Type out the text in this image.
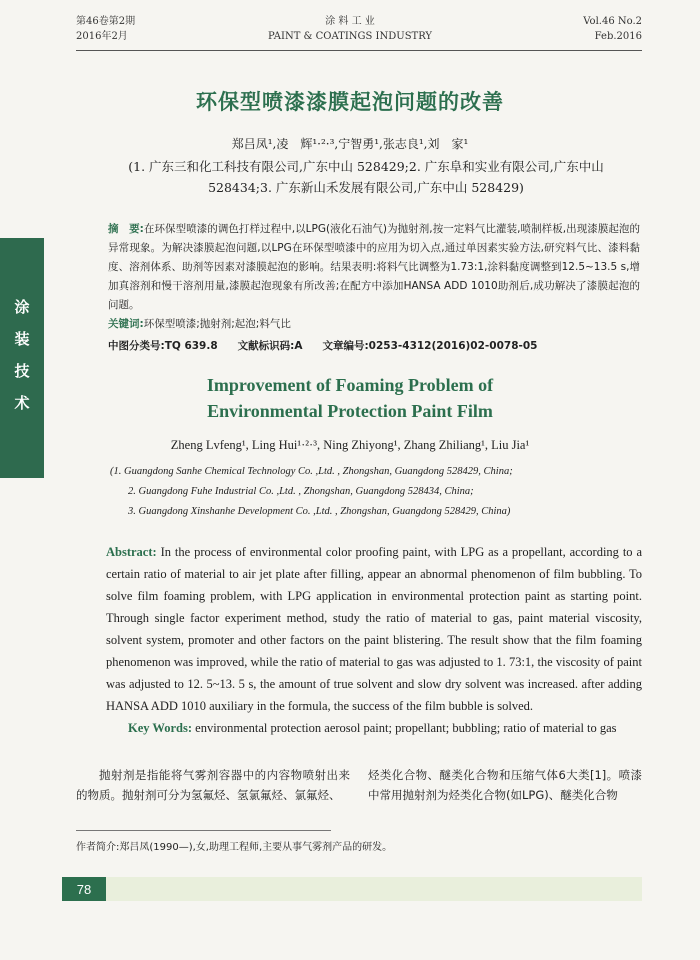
第46卷第2期
2016年2月
涂 料 工 业
PAINT & COATINGS INDUSTRY
Vol.46 No.2
Feb.2016
涂
装
技
术
环保型喷漆漆膜起泡问题的改善
郑吕凤¹,凌　辉¹·²·³,宁智勇¹,张志良¹,刘　家¹
(1. 广东三和化工科技有限公司,广东中山 528429;2. 广东阜和实业有限公司,广东中山 528434;3. 广东新山禾发展有限公司,广东中山 528429)
摘　要:在环保型喷漆的调色打样过程中,以LPG(液化石油气)为抛射剂,按一定料气比灌装,喷制样板,出现漆膜起泡的异常现象。为解决漆膜起泡问题,以LPG在环保型喷漆中的应用为切入点,通过单因素实验方法,研究料气比、漆料黏度、溶剂体系、助剂等因素对漆膜起泡的影响。结果表明:将料气比调整为1.73:1,涂料黏度调整到12.5~13.5 s,增加真溶剂和慢干溶剂用量,漆膜起泡现象有所改善;在配方中添加HANSA ADD 1010助剂后,成功解决了漆膜起泡的问题。
关键词:环保型喷漆;抛射剂;起泡;料气比
中图分类号:TQ 639.8 文献标识码:A 文章编号:0253-4312(2016)02-0078-05
Improvement of Foaming Problem of
Environmental Protection Paint Film
Zheng Lvfeng¹, Ling Hui¹·²·³, Ning Zhiyong¹, Zhang Zhiliang¹, Liu Jia¹
(1. Guangdong Sanhe Chemical Technology Co. ,Ltd. , Zhongshan, Guangdong 528429, China;
2. Guangdong Fuhe Industrial Co. ,Ltd. , Zhongshan, Guangdong 528434, China;
3. Guangdong Xinshanhe Development Co. ,Ltd. , Zhongshan, Guangdong 528429, China)
Abstract: In the process of environmental color proofing paint, with LPG as a propellant, according to a certain ratio of material to air jet plate after filling, appear an abnormal phenomenon of film bubbling. To solve film foaming problem, with LPG application in environmental protection paint as starting point. Through single factor experiment method, study the ratio of material to gas, paint material viscosity, solvent system, promoter and other factors on the paint blistering. The result show that the film foaming phenomenon was improved, while the ratio of material to gas was adjusted to 1. 73:1, the viscosity of paint was adjusted to 12. 5~13. 5 s, the amount of true solvent and slow dry solvent was increased. after adding HANSA ADD 1010 auxiliary in the formula, the success of the film bubble is solved.
Key Words: environmental protection aerosol paint; propellant; bubbling; ratio of material to gas
抛射剂是指能将气雾剂容器中的内容物喷射出来的物质。抛射剂可分为氢氟烃、氢氯氟烃、氯氟烃、
烃类化合物、醚类化合物和压缩气体6大类[1]。喷漆中常用抛射剂为烃类化合物(如LPG)、醚类化合物
作者简介:郑吕凤(1990—),女,助理工程师,主要从事气雾剂产品的研发。
78
